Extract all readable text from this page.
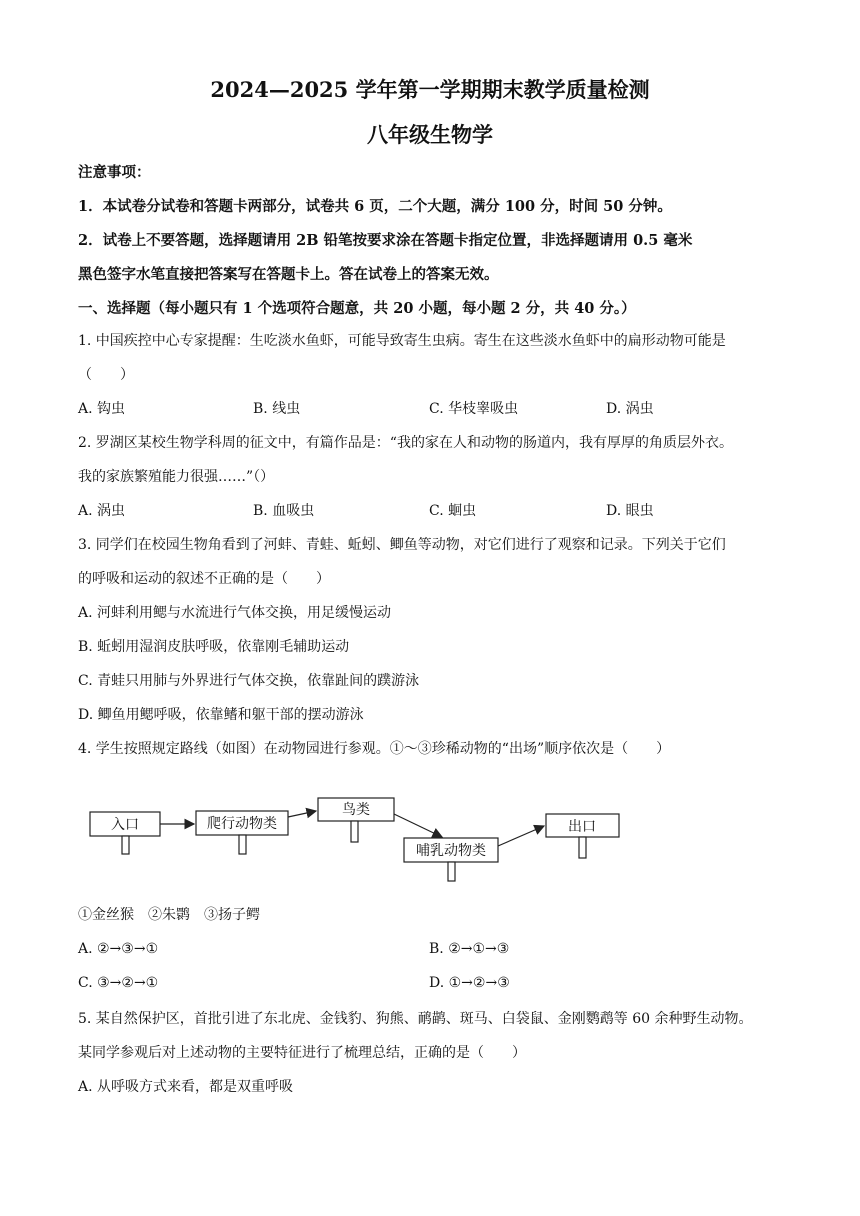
2024—2025 学年第一学期期末教学质量检测
八年级生物学
注意事项：
1．本试卷分试卷和答题卡两部分，试卷共 6 页，二个大题，满分 100 分，时间 50 分钟。
2．试卷上不要答题，选择题请用 2B 铅笔按要求涂在答题卡指定位置，非选择题请用 0.5 毫米
黑色签字水笔直接把答案写在答题卡上。答在试卷上的答案无效。
一、选择题（每小题只有 1 个选项符合题意，共 20 小题，每小题 2 分，共 40 分。）
1. 中国疾控中心专家提醒：生吃淡水鱼虾，可能导致寄生虫病。寄生在这些淡水鱼虾中的扁形动物可能是
（　　）
A. 钩虫	B. 线虫	C. 华枝睾吸虫	D. 涡虫
2. 罗湖区某校生物学科周的征文中，有篇作品是：“我的家在人和动物的肠道内，我有厚厚的角质层外衣。
我的家族繁殖能力很强……”（）
A. 涡虫	B. 血吸虫	C. 蛔虫	D. 眼虫
3. 同学们在校园生物角看到了河蚌、青蛙、蚯蚓、鲫鱼等动物，对它们进行了观察和记录。下列关于它们
的呼吸和运动的叙述不正确的是（　　）
A. 河蚌利用鳃与水流进行气体交换，用足缓慢运动
B. 蚯蚓用湿润皮肤呼吸，依靠刚毛辅助运动
C. 青蛙只用肺与外界进行气体交换，依靠趾间的蹼游泳
D. 鲫鱼用鳃呼吸，依靠鳍和躯干部的摆动游泳
4. 学生按照规定路线（如图）在动物园进行参观。①～③珍稀动物的“出场”顺序依次是（　　）
入口	爬行动物类
鸟类
哺乳动物类
出口
①金丝猴　②朱鹮　③扬子鳄
A. ②→③→①	B. ②→①→③
C. ③→②→①	D. ①→②→③
5. 某自然保护区，首批引进了东北虎、金钱豹、狗熊、鸸鹋、斑马、白袋鼠、金刚鹦鹉等 60 余种野生动物。
某同学参观后对上述动物的主要特征进行了梳理总结，正确的是（　　）
A. 从呼吸方式来看，都是双重呼吸
